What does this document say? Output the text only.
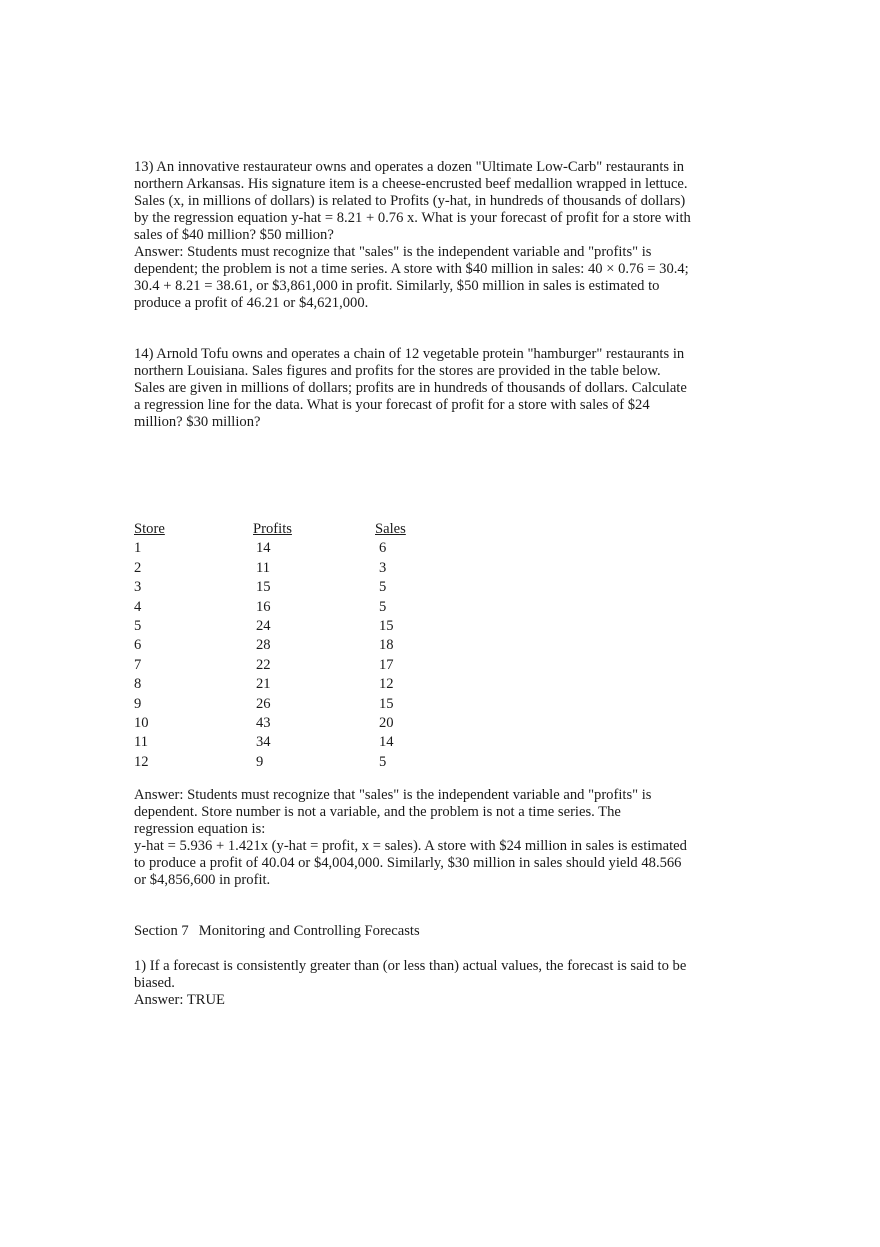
13) An innovative restaurateur owns and operates a dozen "Ultimate Low-Carb" restaurants in
northern Arkansas. His signature item is a cheese-encrusted beef medallion wrapped in lettuce.
Sales (x, in millions of dollars) is related to Profits (y-hat, in hundreds of thousands of dollars)
by the regression equation y-hat = 8.21 + 0.76 x. What is your forecast of profit for a store with
sales of $40 million? $50 million?
Answer: Students must recognize that "sales" is the independent variable and "profits" is
dependent; the problem is not a time series. A store with $40 million in sales: 40 × 0.76 = 30.4;
30.4 + 8.21 = 38.61, or $3,861,000 in profit. Similarly, $50 million in sales is estimated to
produce a profit of 46.21 or $4,621,000.
14) Arnold Tofu owns and operates a chain of 12 vegetable protein "hamburger" restaurants in
northern Louisiana. Sales figures and profits for the stores are provided in the table below.
Sales are given in millions of dollars; profits are in hundreds of thousands of dollars. Calculate
a regression line for the data. What is your forecast of profit for a store with sales of $24
million? $30 million?
Store	Profits	Sales
1	14	6
2	11	3
3	15	5
4	16	5
5	24	15
6	28	18
7	22	17
8	21	12
9	26	15
10	43	20
11	34	14
12	9	5
Answer: Students must recognize that "sales" is the independent variable and "profits" is
dependent. Store number is not a variable, and the problem is not a time series. The
regression equation is:
y-hat = 5.936 + 1.421x (y-hat = profit, x = sales). A store with $24 million in sales is estimated
to produce a profit of 40.04 or $4,004,000. Similarly, $30 million in sales should yield 48.566
or $4,856,600 in profit.
Section 7 Monitoring and Controlling Forecasts
1) If a forecast is consistently greater than (or less than) actual values, the forecast is said to be
biased.
Answer: TRUE
